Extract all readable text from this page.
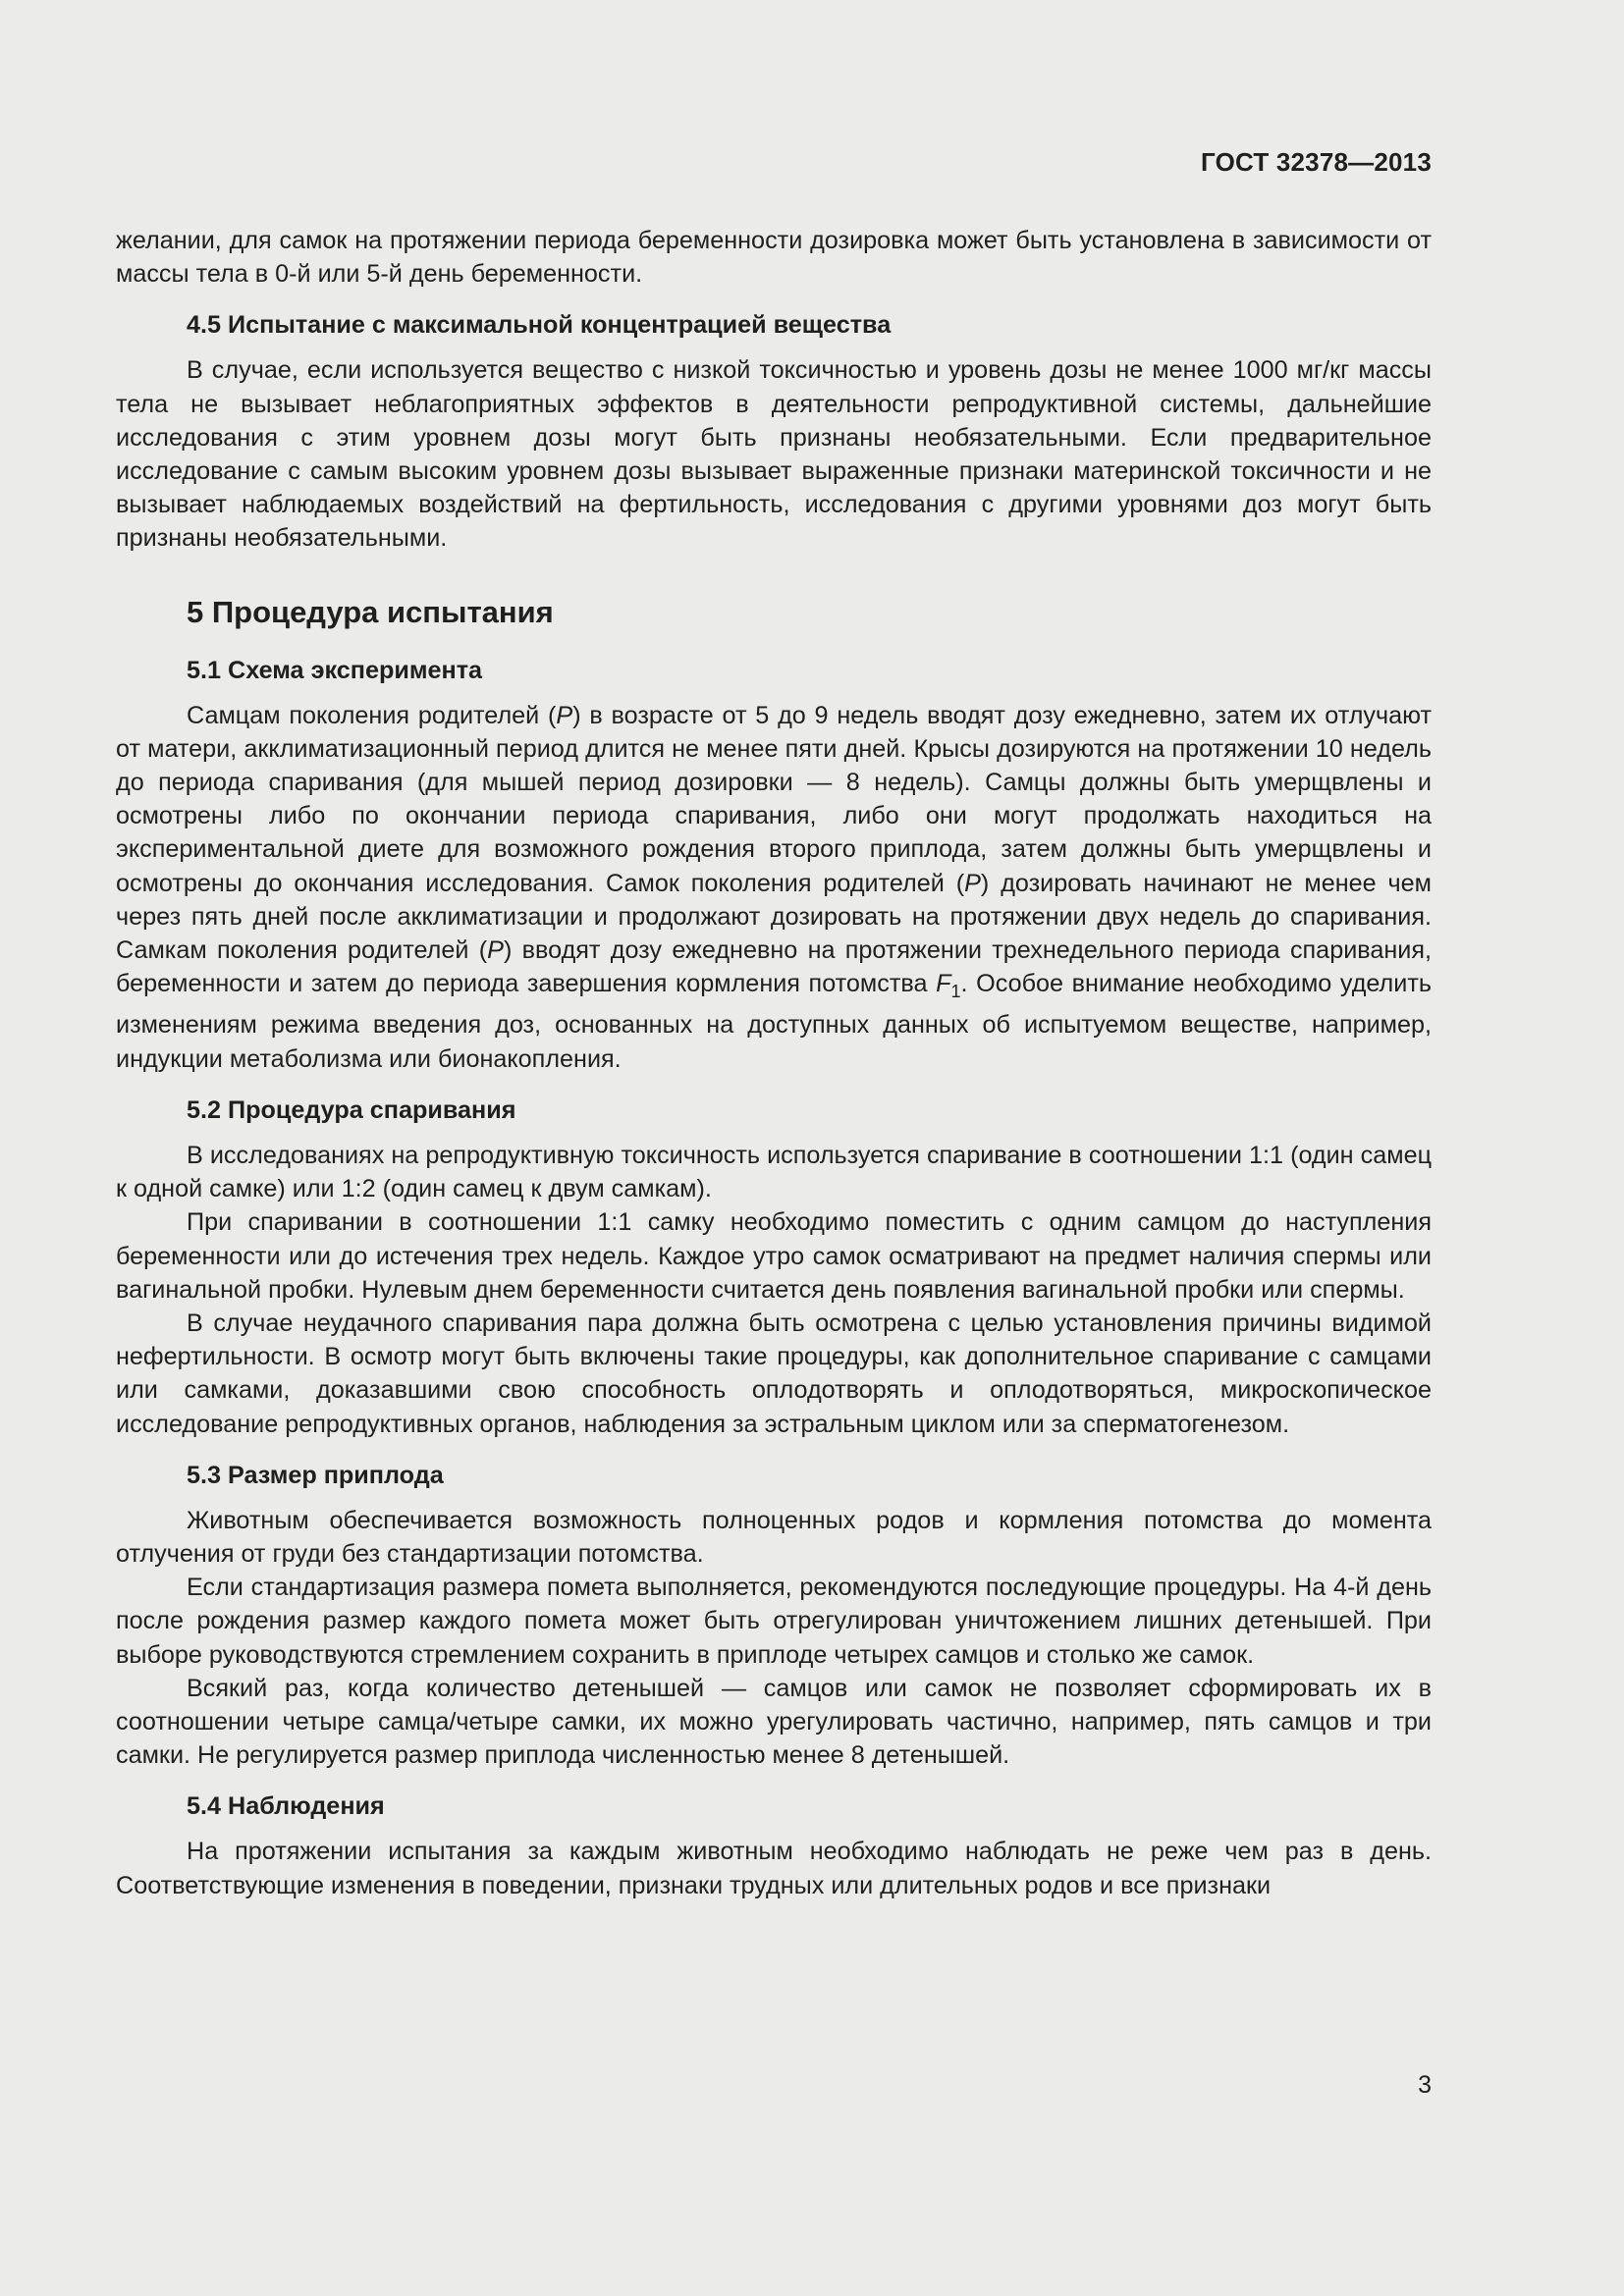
ГОСТ 32378—2013

желании, для самок на протяжении периода беременности дозировка может быть установлена в зависимости от массы тела в 0-й или 5-й день беременности.

4.5 Испытание с максимальной концентрацией вещества

В случае, если используется вещество с низкой токсичностью и уровень дозы не менее 1000 мг/кг массы тела не вызывает неблагоприятных эффектов в деятельности репродуктивной системы, дальнейшие исследования с этим уровнем дозы могут быть признаны необязательными. Если предварительное исследование с самым высоким уровнем дозы вызывает выраженные признаки материнской токсичности и не вызывает наблюдаемых воздействий на фертильность, исследования с другими уровнями доз могут быть признаны необязательными.

5 Процедура испытания
5.1 Схема эксперимента

Самцам поколения родителей (P) в возрасте от 5 до 9 недель вводят дозу ежедневно, затем их отлучают от матери, акклиматизационный период длится не менее пяти дней. Крысы дозируются на протяжении 10 недель до периода спаривания (для мышей период дозировки — 8 недель). Самцы должны быть умерщвлены и осмотрены либо по окончании периода спаривания, либо они могут продолжать находиться на экспериментальной диете для возможного рождения второго приплода, затем должны быть умерщвлены и осмотрены до окончания исследования. Самок поколения родителей (P) дозировать начинают не менее чем через пять дней после акклиматизации и продолжают дозировать на протяжении двух недель до спаривания. Самкам поколения родителей (P) вводят дозу ежедневно на протяжении трехнедельного периода спаривания, беременности и затем до периода завершения кормления потомства $F_1$. Особое внимание необходимо уделить изменениям режима введения доз, основанных на доступных данных об испытуемом веществе, например, индукции метаболизма или бионакопления.

5.2 Процедура спаривания

В исследованиях на репродуктивную токсичность используется спаривание в соотношении 1:1 (один самец к одной самке) или 1:2 (один самец к двум самкам).

При спаривании в соотношении 1:1 самку необходимо поместить с одним самцом до наступления беременности или до истечения трех недель. Каждое утро самок осматривают на предмет наличия спермы или вагинальной пробки. Нулевым днем беременности считается день появления вагинальной пробки или спермы.

В случае неудачного спаривания пара должна быть осмотрена с целью установления причины видимой нефертильности. В осмотр могут быть включены такие процедуры, как дополнительное спаривание с самцами или самками, доказавшими свою способность оплодотворять и оплодотворяться, микроскопическое исследование репродуктивных органов, наблюдения за эстральным циклом или за сперматогенезом.

5.3 Размер приплода

Животным обеспечивается возможность полноценных родов и кормления потомства до момента отлучения от груди без стандартизации потомства.

Если стандартизация размера помета выполняется, рекомендуются последующие процедуры. На 4-й день после рождения размер каждого помета может быть отрегулирован уничтожением лишних детенышей. При выборе руководствуются стремлением сохранить в приплоде четырех самцов и столько же самок.

Всякий раз, когда количество детенышей — самцов или самок не позволяет сформировать их в соотношении четыре самца/четыре самки, их можно урегулировать частично, например, пять самцов и три самки. Не регулируется размер приплода численностью менее 8 детенышей.

5.4 Наблюдения

На протяжении испытания за каждым животным необходимо наблюдать не реже чем раз в день. Соответствующие изменения в поведении, признаки трудных или длительных родов и все признаки

3
